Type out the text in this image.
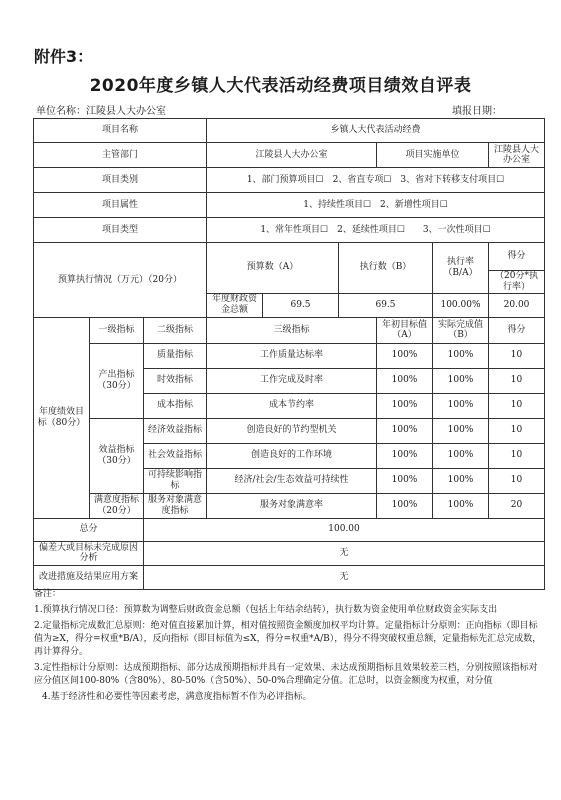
附件3：
2020年度乡镇人大代表活动经费项目绩效自评表
单位名称：江陵县人大办公室	填报日期：
项目名称			乡镇人大代表活动经费					
主管部门			江陵县人大办公室			项目实施单位		江陵县人大办公室
项目类别			1、部门预算项目☐　2、省直专项☐　3、省对下转移支付项目☐					
项目属性			1、持续性项目☐　2、新增性项目☐					
项目类型			1、常年性项目☐　2、延续性项目☐　　3、一次性项目☐					
预算执行情况（万元）（20分）			预算数（A）		执行数（B）		执行率（B/A）	得分
								（20分*执行率）
			年度财政资金总额	69.5	69.5		100.00%	20.00
年度绩效目标（80分）	一级指标	二级指标	三级指标			年初目标值（A）	实际完成值（B）	得分
	产出指标（30分）	质量指标	工作质量达标率			100%	100%	10
		时效指标	工作完成及时率			100%	100%	10
		成本指标	成本节约率			100%	100%	10
	效益指标（30分）	经济效益指标	创造良好的节约型机关			100%	100%	10
		社会效益指标	创造良好的工作环境			100%	100%	10
		可持续影响指标	经济/社会/生态效益可持续性			100%	100%	10
	满意度指标（20分）	服务对象满意度指标	服务对象满意率			100%	100%	20
总分		100.00						
偏差大或目标未完成原因分析		无						
改进措施及结果应用方案		无						

备注：

1.预算执行情况口径：预算数为调整后财政资金总额（包括上年结余结转），执行数为资金使用单位财政资金实际支出

2.定量指标完成数汇总原则：绝对值直接累加计算，相对值按照资金额度加权平均计算。定量指标计分原则：正向指标（即目标值为≥X，得分=权重*B/A），反向指标（即目标值为≤X，得分=权重*A/B），得分不得突破权重总额，定量指标先汇总完成数，再计算得分。

3.定性指标计分原则：达成预期指标、部分达成预期指标并具有一定效果、未达成预期指标且效果较差三档，分别按照该指标对应分值区间100-80%（含80%）、80-50%（含50%）、50-0%合理确定分值。汇总时，以资金额度为权重，对分值

4.基于经济性和必要性等因素考虑，满意度指标暂不作为必评指标。
